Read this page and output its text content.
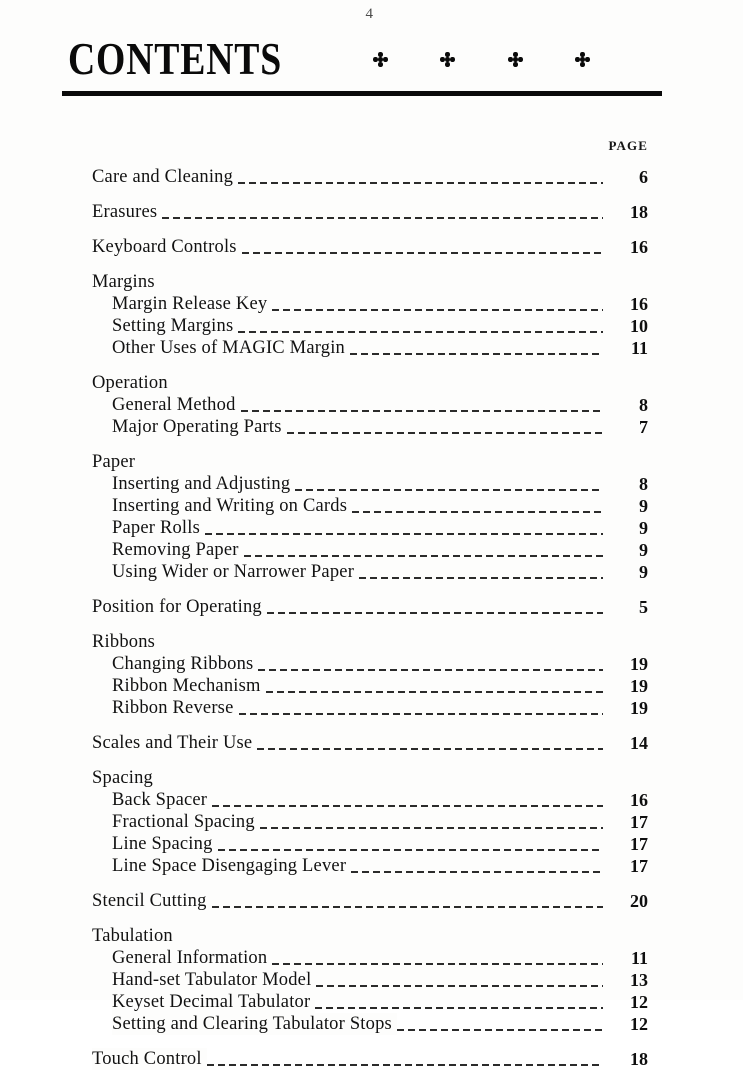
4
CONTENTS
PAGE
Care and Cleaning	6
Erasures	18
Keyboard Controls	16
Margins
Margin Release Key	16
Setting Margins	10
Other Uses of MAGIC Margin	11
Operation
General Method	8
Major Operating Parts	7
Paper
Inserting and Adjusting	8
Inserting and Writing on Cards	9
Paper Rolls	9
Removing Paper	9
Using Wider or Narrower Paper	9
Position for Operating	5
Ribbons
Changing Ribbons	19
Ribbon Mechanism	19
Ribbon Reverse	19
Scales and Their Use	14
Spacing
Back Spacer	16
Fractional Spacing	17
Line Spacing	17
Line Space Disengaging Lever	17
Stencil Cutting	20
Tabulation
General Information	11
Hand-set Tabulator Model	13
Keyset Decimal Tabulator	12
Setting and Clearing Tabulator Stops	12
Touch Control	18
